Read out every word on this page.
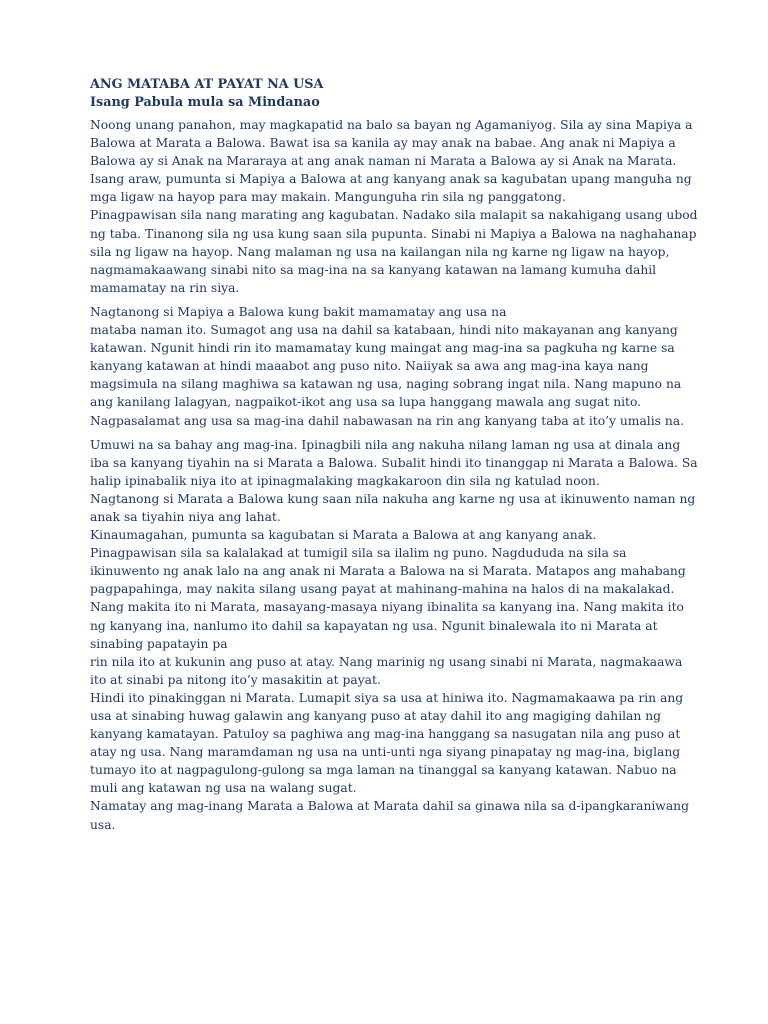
ANG MATABA AT PAYAT NA USA
Isang Pabula mula sa Mindanao
Noong unang panahon, may magkapatid na balo sa bayan ng Agamaniyog. Sila ay sina Mapiya a
Balowa at Marata a Balowa. Bawat isa sa kanila ay may anak na babae. Ang anak ni Mapiya a
Balowa ay si Anak na Mararaya at ang anak naman ni Marata a Balowa ay si Anak na Marata.
Isang araw, pumunta si Mapiya a Balowa at ang kanyang anak sa kagubatan upang manguha ng
mga ligaw na hayop para may makain. Mangunguha rin sila ng panggatong.
Pinagpawisan sila nang marating ang kagubatan. Nadako sila malapit sa nakahigang usang ubod
ng taba. Tinanong sila ng usa kung saan sila pupunta. Sinabi ni Mapiya a Balowa na naghahanap
sila ng ligaw na hayop. Nang malaman ng usa na kailangan nila ng karne ng ligaw na hayop,
nagmamakaawang sinabi nito sa mag-ina na sa kanyang katawan na lamang kumuha dahil
mamamatay na rin siya.
Nagtanong si Mapiya a Balowa kung bakit mamamatay ang usa na
mataba naman ito. Sumagot ang usa na dahil sa katabaan, hindi nito makayanan ang kanyang
katawan. Ngunit hindi rin ito mamamatay kung maingat ang mag-ina sa pagkuha ng karne sa
kanyang katawan at hindi maaabot ang puso nito. Naiiyak sa awa ang mag-ina kaya nang
magsimula na silang maghiwa sa katawan ng usa, naging sobrang ingat nila. Nang mapuno na
ang kanilang lalagyan, nagpaikot-ikot ang usa sa lupa hanggang mawala ang sugat nito.
Nagpasalamat ang usa sa mag-ina dahil nabawasan na rin ang kanyang taba at ito’y umalis na.
Umuwi na sa bahay ang mag-ina. Ipinagbili nila ang nakuha nilang laman ng usa at dinala ang
iba sa kanyang tiyahin na si Marata a Balowa. Subalit hindi ito tinanggap ni Marata a Balowa. Sa
halip ipinabalik niya ito at ipinagmalaking magkakaroon din sila ng katulad noon.
Nagtanong si Marata a Balowa kung saan nila nakuha ang karne ng usa at ikinuwento naman ng
anak sa tiyahin niya ang lahat.
Kinaumagahan, pumunta sa kagubatan si Marata a Balowa at ang kanyang anak.
Pinagpawisan sila sa kalalakad at tumigil sila sa ilalim ng puno. Nagdududa na sila sa
ikinuwento ng anak lalo na ang anak ni Marata a Balowa na si Marata. Matapos ang mahabang
pagpapahinga, may nakita silang usang payat at mahinang-mahina na halos di na makalakad.
Nang makita ito ni Marata, masayang-masaya niyang ibinalita sa kanyang ina. Nang makita ito
ng kanyang ina, nanlumo ito dahil sa kapayatan ng usa. Ngunit binalewala ito ni Marata at
sinabing papatayin pa
rin nila ito at kukunin ang puso at atay. Nang marinig ng usang sinabi ni Marata, nagmakaawa
ito at sinabi pa nitong ito’y masakitin at payat.
Hindi ito pinakinggan ni Marata. Lumapit siya sa usa at hiniwa ito. Nagmamakaawa pa rin ang
usa at sinabing huwag galawin ang kanyang puso at atay dahil ito ang magiging dahilan ng
kanyang kamatayan. Patuloy sa paghiwa ang mag-ina hanggang sa nasugatan nila ang puso at
atay ng usa. Nang maramdaman ng usa na unti-unti nga siyang pinapatay ng mag-ina, biglang
tumayo ito at nagpagulong-gulong sa mga laman na tinanggal sa kanyang katawan. Nabuo na
muli ang katawan ng usa na walang sugat.
Namatay ang mag-inang Marata a Balowa at Marata dahil sa ginawa nila sa d-ipangkaraniwang
usa.
